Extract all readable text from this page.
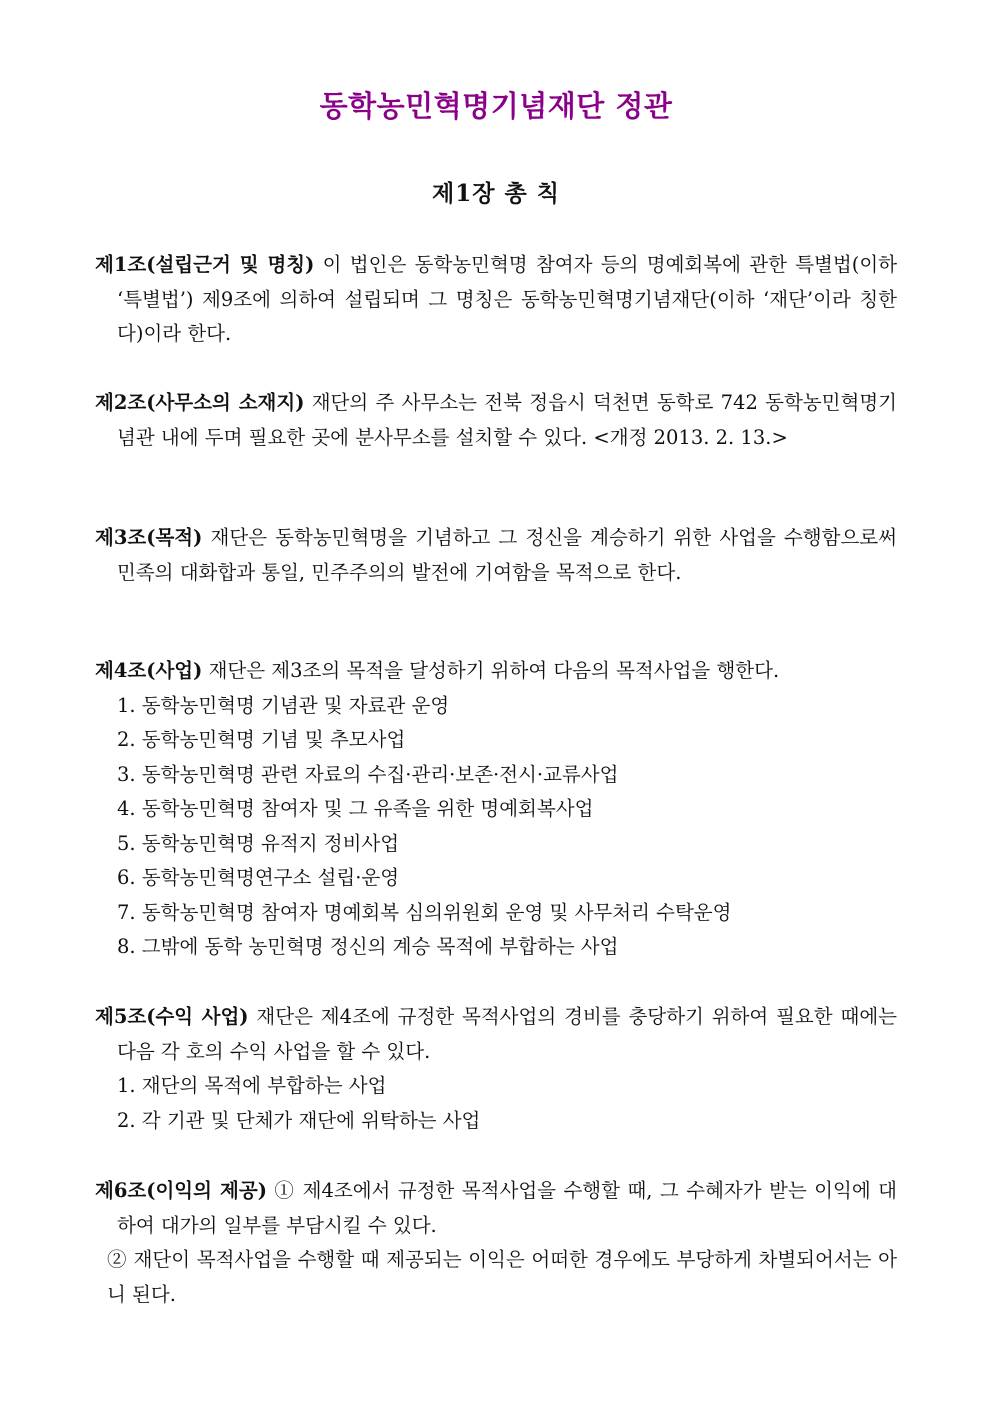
동학농민혁명기념재단 정관
제1장 총 칙

제1조(설립근거 및 명칭) 이 법인은 동학농민혁명 참여자 등의 명예회복에 관한 특별법(이하 ‘특별법’) 제9조에 의하여 설립되며 그 명칭은 동학농민혁명기념재단(이하 ‘재단’이라 칭한다)이라 한다.

제2조(사무소의 소재지) 재단의 주 사무소는 전북 정읍시 덕천면 동학로 742 동학농민혁명기념관 내에 두며 필요한 곳에 분사무소를 설치할 수 있다. <개정 2013. 2. 13.>

제3조(목적) 재단은 동학농민혁명을 기념하고 그 정신을 계승하기 위한 사업을 수행함으로써 민족의 대화합과 통일, 민주주의의 발전에 기여함을 목적으로 한다.

제4조(사업) 재단은 제3조의 목적을 달성하기 위하여 다음의 목적사업을 행한다.

1. 동학농민혁명 기념관 및 자료관 운영
2. 동학농민혁명 기념 및 추모사업
3. 동학농민혁명 관련 자료의 수집·관리·보존·전시·교류사업
4. 동학농민혁명 참여자 및 그 유족을 위한 명예회복사업
5. 동학농민혁명 유적지 정비사업
6. 동학농민혁명연구소 설립·운영
7. 동학농민혁명 참여자 명예회복 심의위원회 운영 및 사무처리 수탁운영
8. 그밖에 동학 농민혁명 정신의 계승 목적에 부합하는 사업

제5조(수익 사업) 재단은 제4조에 규정한 목적사업의 경비를 충당하기 위하여 필요한 때에는 다음 각 호의 수익 사업을 할 수 있다.

1. 재단의 목적에 부합하는 사업
2. 각 기관 및 단체가 재단에 위탁하는 사업

제6조(이익의 제공) ① 제4조에서 규정한 목적사업을 수행할 때, 그 수혜자가 받는 이익에 대하여 대가의 일부를 부담시킬 수 있다.

② 재단이 목적사업을 수행할 때 제공되는 이익은 어떠한 경우에도 부당하게 차별되어서는 아니 된다.
